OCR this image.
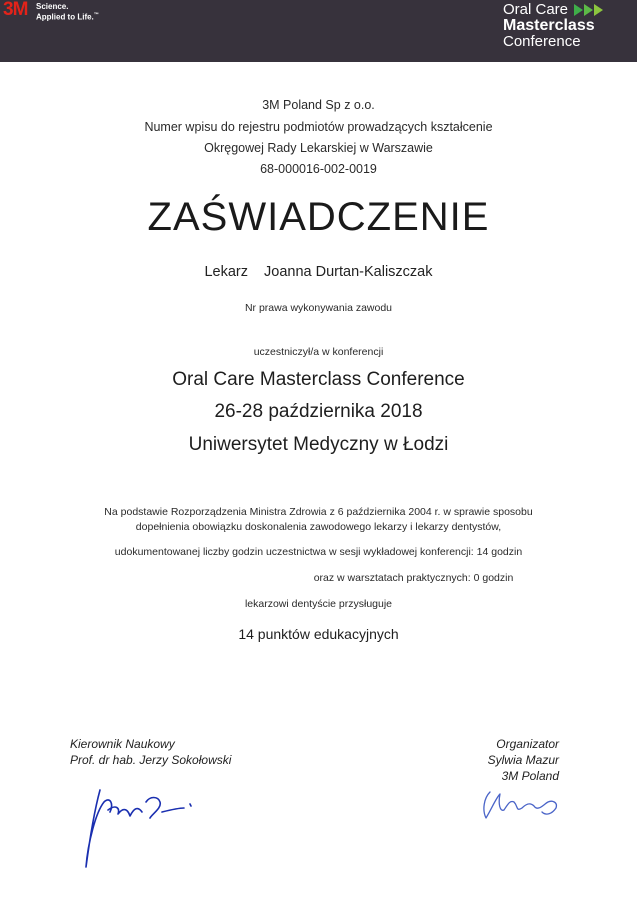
3M Science.
Applied to Life.™	Oral Care
Masterclass
Conference
3M Poland Sp z o.o.
Numer wpisu do rejestru podmiotów prowadzących kształcenie
Okręgowej Rady Lekarskiej w Warszawie
68-000016-002-0019
ZAŚWIADCZENIE
Lekarz Joanna Durtan-Kaliszczak
Nr prawa wykonywania zawodu
uczestniczył/a w konferencji
Oral Care Masterclass Conference
26-28 października 2018
Uniwersytet Medyczny w Łodzi
Na podstawie Rozporządzenia Ministra Zdrowia z 6 października 2004 r. w sprawie sposobu
dopełnienia obowiązku doskonalenia zawodowego lekarzy i lekarzy dentystów,
udokumentowanej liczby godzin uczestnictwa w sesji wykładowej konferencji: 14 godzin
oraz w warsztatach praktycznych: 0 godzin
lekarzowi dentyście przysługuje
14 punktów edukacyjnych
Kierownik Naukowy
Prof. dr hab. Jerzy Sokołowski
Organizator
Sylwia Mazur
3M Poland
